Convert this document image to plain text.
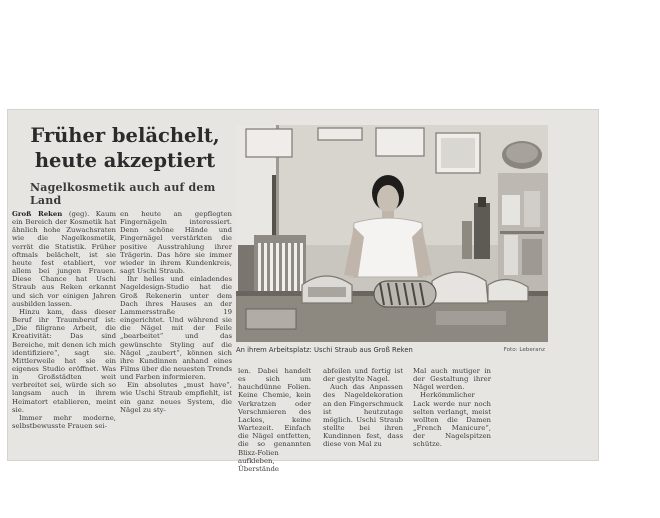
Früher belächelt, heute akzeptiert
Nagelkosmetik auch auf dem Land

Groß Reken (geg). Kaum ein Bereich der Kosmetik hat ähnlich hohe Zuwachsraten wie die Nagelkosmetik, verrät die Statistik. Früher oftmals belächelt, ist sie heute fest etabliert, vor allem bei jungen Frauen. Diese Chance hat Uschi Straub aus Reken erkannt und sich vor einigen Jahren ausbilden lassen.

Hinzu kam, dass dieser Beruf ihr Traumberuf ist: „Die filigrane Arbeit, die Kreativität: Das sind Bereiche, mit denen ich mich identifiziere“, sagt sie. Mittlerweile hat sie ein eigenes Studio eröffnet. Was in Großstädten weit verbreitet sei, würde sich so langsam auch in ihrem Heimatort etablieren, meint sie.

Immer mehr moderne, selbstbewusste Frauen sei-

en heute an gepflegten Fingernägeln interessiert. Denn schöne Hände und Fingernägel verstärkten die positive Ausstrahlung ihrer Trägerin. Das höre sie immer wieder in ihrem Kundenkreis, sagt Uschi Straub.

Ihr helles und einladendes Nageldesign-Studio hat die Groß Rekenerin unter dem Dach ihres Hauses an der Lammersstraße 19 eingerichtet. Und während sie die Nägel mit der Feile „bearbeitet“ und das gewünschte Styling auf die Nägel „zaubert“, können sich ihre Kundinnen anhand eines Films über die neuesten Trends und Farben informieren.

Ein absolutes „must have“, wie Uschi Straub empfiehlt, ist ein ganz neues System, die Nägel zu sty-

An ihrem Arbeitsplatz: Uschi Straub aus Groß Reken	Foto: Leberanz

len. Dabei handelt es sich um hauchdünne Folien. Keine Chemie, kein Verkratzen oder Verschmieren des Lackes, keine Wartezeit. Einfach die Nägel entfetten, die so genannten Blixz-Folien aufkleben, Überstände

abfeilen und fertig ist der gestylte Nagel.

Auch das Anpassen des Nageldekoration an den Fingerschmuck ist heutzutage möglich. Uschi Straub stellte bei ihren Kundinnen fest, dass diese von Mal zu

Mal auch mutiger in der Gestaltung ihrer Nägel werden.

Herkömmlicher Lack werde nur noch selten verlangt, meist wollten die Damen „French Manicure“, der Nagelspitzen schütze.
